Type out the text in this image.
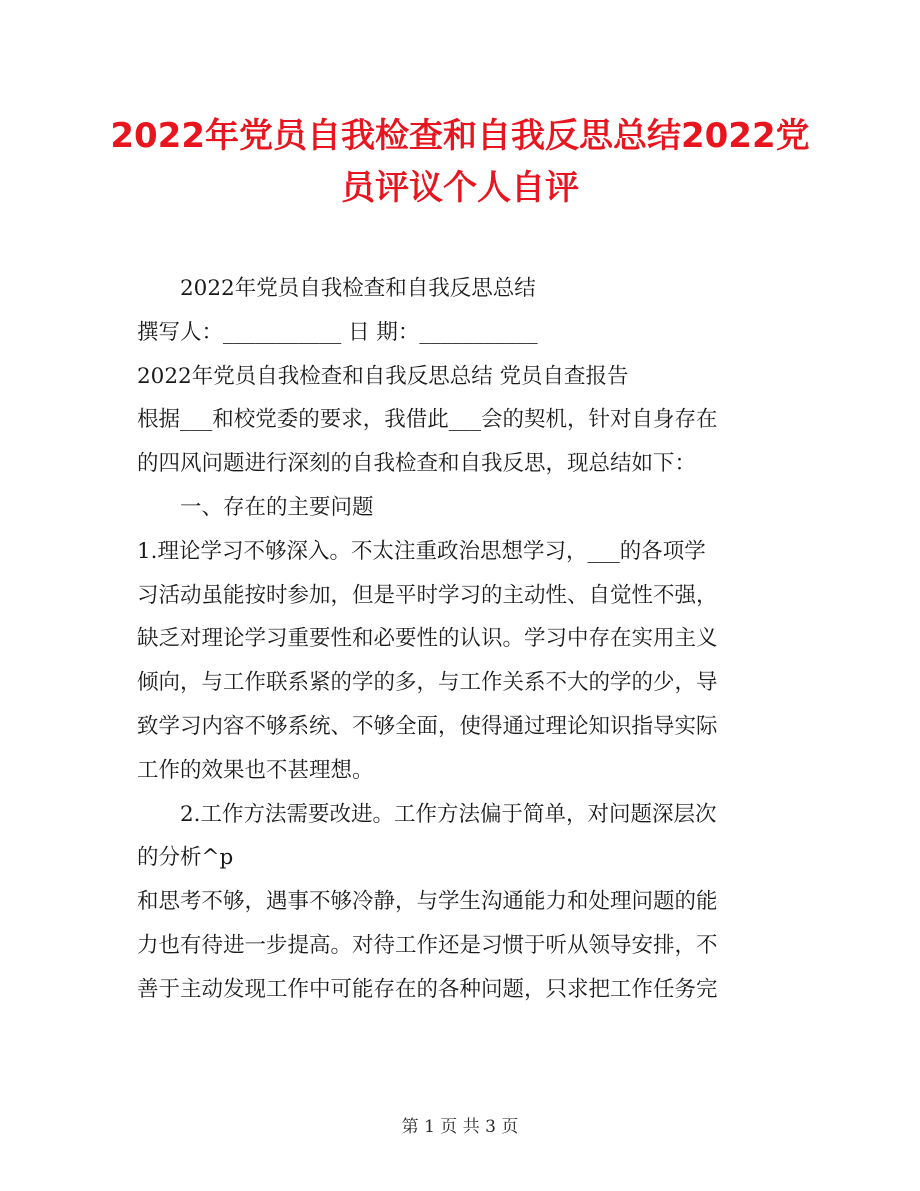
2022年党员自我检查和自我反思总结2022党
员评议个人自评
2022年党员自我检查和自我反思总结
撰写人：___________ 日 期：___________
2022年党员自我检查和自我反思总结 党员自查报告
根据___和校党委的要求，我借此___会的契机，针对自身存在
的四风问题进行深刻的自我检查和自我反思，现总结如下：
一、存在的主要问题
1.理论学习不够深入。不太注重政治思想学习，___的各项学
习活动虽能按时参加，但是平时学习的主动性、自觉性不强，
缺乏对理论学习重要性和必要性的认识。学习中存在实用主义
倾向，与工作联系紧的学的多，与工作关系不大的学的少，导
致学习内容不够系统、不够全面，使得通过理论知识指导实际
工作的效果也不甚理想。
2.工作方法需要改进。工作方法偏于简单，对问题深层次
的分析^p
和思考不够，遇事不够冷静，与学生沟通能力和处理问题的能
力也有待进一步提高。对待工作还是习惯于听从领导安排，不
善于主动发现工作中可能存在的各种问题，只求把工作任务完
第 1 页 共 3 页
